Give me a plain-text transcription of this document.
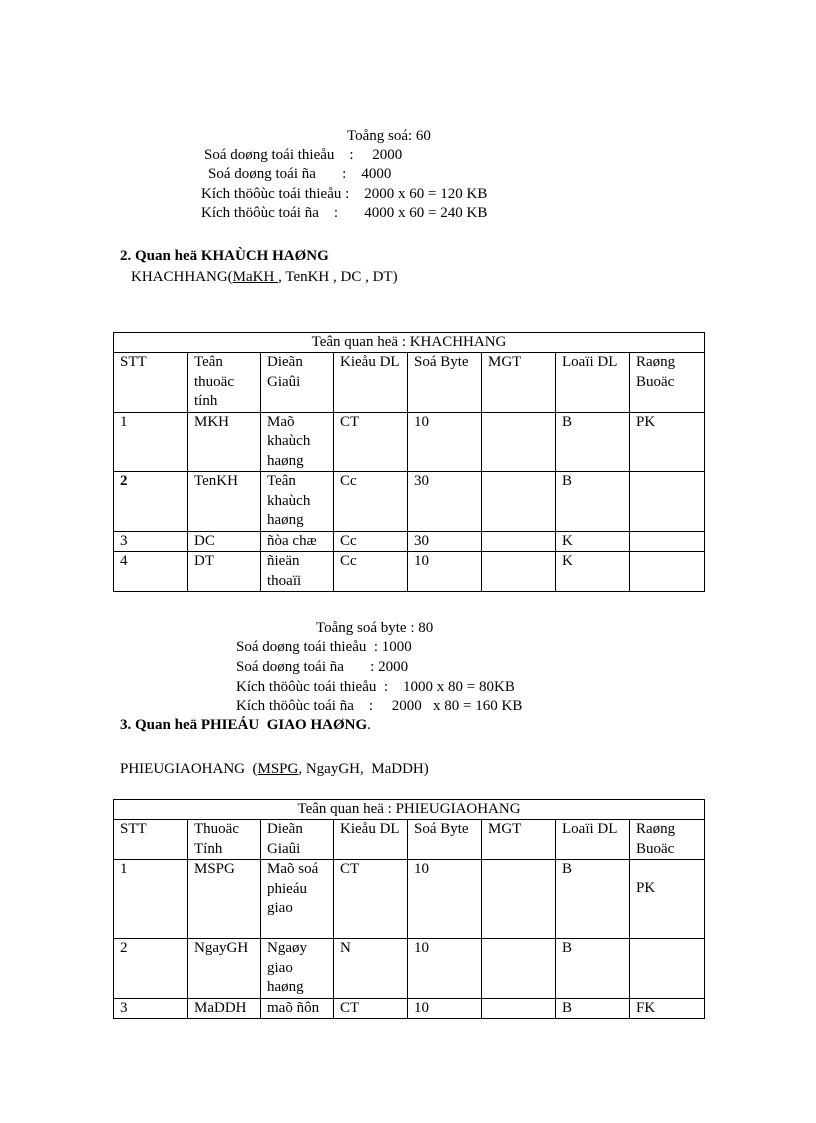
Toång soá: 60
Soá doøng toái thieåu    :     2000
Soá doøng toái ña       :    4000
Kích thöôùc toái thieåu :    2000 x 60 = 120 KB
Kích thöôùc toái ña    :       4000 x 60 = 240 KB
2. Quan heä KHAÙCH HAØNG
KHACHHANG(MaKH , TenKH , DC , DT)
Teân quan heä : KHACHHANG							
STT	Teân thuoäc tính	Dieãn Giaûi	Kieåu DL	Soá Byte	MGT	Loaïi DL	Raøng Buoäc
1	MKH	Maõ khaùch haøng	CT	10		B	PK
2	TenKH	Teân khaùch haøng	Cc	30		B	
3	DC	ñòa chæ	Cc	30		K	
4	DT	ñieän thoaïi	Cc	10		K	
Toång soá byte : 80
Soá doøng toái thieåu  : 1000
Soá doøng toái ña       : 2000
Kích thöôùc toái thieåu  :    1000 x 80 = 80KB
Kích thöôùc toái ña    :     2000   x 80 = 160 KB
3. Quan heä PHIEÁU  GIAO HAØNG.
PHIEUGIAOHANG  (MSPG, NgayGH,  MaDDH)
Teân quan heä : PHIEUGIAOHANG							
STT	Thuoäc Tính	Dieãn Giaûi	Kieåu DL	Soá Byte	MGT	Loaïi DL	Raøng Buoäc
1	MSPG	Maõ soá phieáu giao	CT	10		B	PK
2	NgayGH	Ngaøy giao haøng	N	10		B	
3	MaDDH	maõ ñôn	CT	10		B	FK
